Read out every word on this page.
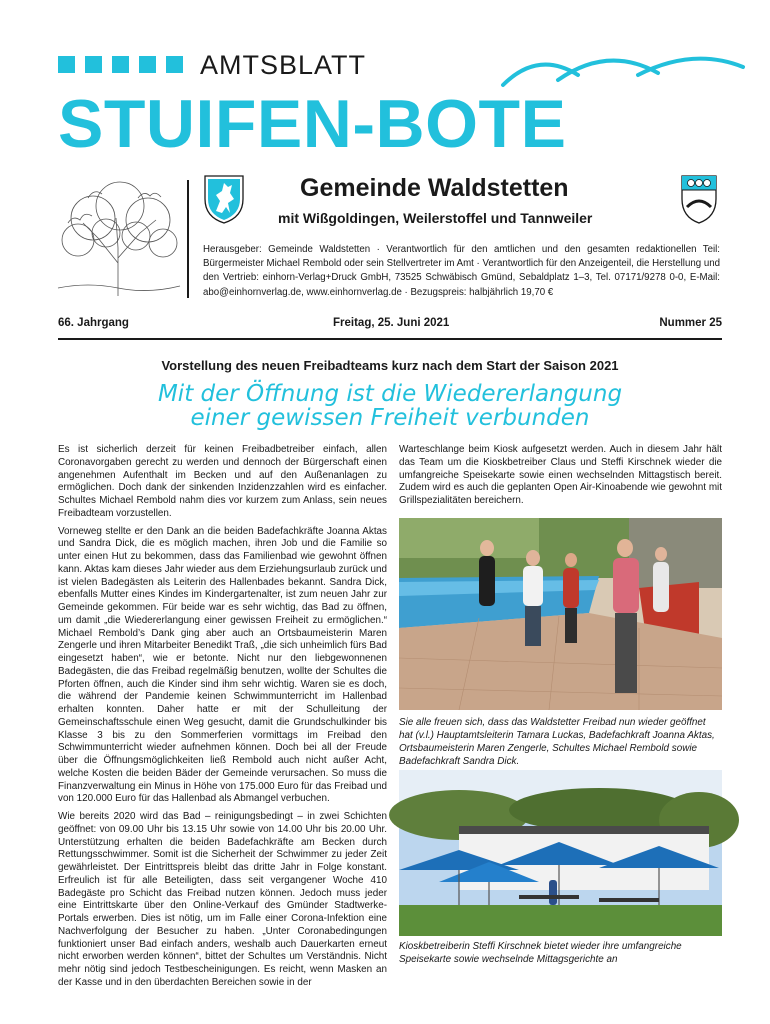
AMTSBLATT
STUIFEN-BOTE
Gemeinde Waldstetten
mit Wißgoldingen, Weilerstoffel und Tannweiler
Herausgeber: Gemeinde Waldstetten · Verantwortlich für den amtlichen und den gesamten redaktionellen Teil: Bürgermeister Michael Rembold oder sein Stellvertreter im Amt · Verantwortlich für den Anzeigenteil, die Herstellung und den Vertrieb: einhorn-Verlag+Druck GmbH, 73525 Schwäbisch Gmünd, Sebaldplatz 1–3, Tel. 07171/9278 0-0, E-Mail: abo@einhornverlag.de, www.einhornverlag.de · Bezugspreis: halbjährlich 19,70 €
66. Jahrgang	Freitag, 25. Juni 2021	Nummer 25
Vorstellung des neuen Freibadteams kurz nach dem Start der Saison 2021
Mit der Öffnung ist die Wiedererlangung
einer gewissen Freiheit verbunden

Es ist sicherlich derzeit für keinen Freibadbetreiber einfach, allen Coronavorgaben gerecht zu werden und dennoch der Bürgerschaft einen angenehmen Aufenthalt im Becken und auf den Außenanlagen zu ermöglichen. Doch dank der sinkenden Inzidenzzahlen wird es einfacher. Schultes Michael Rembold nahm dies vor kurzem zum Anlass, sein neues Freibadteam vorzustellen.

Vorneweg stellte er den Dank an die beiden Badefachkräfte Joanna Aktas und Sandra Dick, die es möglich machen, ihren Job und die Familie so unter einen Hut zu bekommen, dass das Familienbad wie gewohnt öffnen kann. Aktas kam dieses Jahr wieder aus dem Erziehungsurlaub zurück und ist vielen Badegästen als Leiterin des Hallenbades bekannt. Sandra Dick, ebenfalls Mutter eines Kindes im Kindergartenalter, ist zum neuen Jahr zur Gemeinde gekommen. Für beide war es sehr wichtig, das Bad zu öffnen, um damit „die Wiedererlangung einer gewissen Freiheit zu ermöglichen.“ Michael Rembold’s Dank ging aber auch an Ortsbaumeisterin Maren Zengerle und ihren Mitarbeiter Benedikt Traß, „die sich unheimlich fürs Bad eingesetzt haben“, wie er betonte. Nicht nur den liebgewonnenen Badegästen, die das Freibad regelmäßig benutzen, wollte der Schultes die Pforten öffnen, auch die Kinder sind ihm sehr wichtig. Waren sie es doch, die während der Pandemie keinen Schwimmunterricht im Hallenbad erhalten konnten. Daher hatte er mit der Schulleitung der Gemeinschaftsschule einen Weg gesucht, damit die Grundschulkinder bis Klasse 3 bis zu den Sommerferien vormittags im Freibad den Schwimmunterricht wieder aufnehmen können. Doch bei all der Freude über die Öffnungsmöglichkeiten ließ Rembold auch nicht außer Acht, welche Kosten die beiden Bäder der Gemeinde verursachen. So muss die Finanzverwaltung ein Minus in Höhe von 175.000 Euro für das Freibad und von 120.000 Euro für das Hallenbad als Abmangel verbuchen.

Wie bereits 2020 wird das Bad – reinigungsbedingt – in zwei Schichten geöffnet: von 09.00 Uhr bis 13.15 Uhr sowie von 14.00 Uhr bis 20.00 Uhr. Unterstützung erhalten die beiden Badefachkräfte am Becken durch Rettungsschwimmer. Somit ist die Sicherheit der Schwimmer zu jeder Zeit gewährleistet. Der Eintrittspreis bleibt das dritte Jahr in Folge konstant. Erfreulich ist für alle Beteiligten, dass seit vergangener Woche 410 Badegäste pro Schicht das Freibad nutzen können. Jedoch muss jeder eine Eintrittskarte über den Online-Verkauf des Gmünder Stadtwerke-Portals erwerben. Dies ist nötig, um im Falle einer Corona-Infektion eine Nachverfolgung der Besucher zu haben. „Unter Coronabedingungen funktioniert unser Bad einfach anders, weshalb auch Dauerkarten erneut nicht erworben werden können“, bittet der Schultes um Verständnis. Nicht mehr nötig sind jedoch Testbescheinigungen. Es reicht, wenn Masken an der Kasse und in den überdachten Bereichen sowie in der

Warteschlange beim Kiosk aufgesetzt werden. Auch in diesem Jahr hält das Team um die Kioskbetreiber Claus und Steffi Kirschnek wieder die umfangreiche Speisekarte sowie einen wechselnden Mittagstisch bereit. Zudem wird es auch die geplanten Open Air-Kinoabende wie gewohnt mit Grillspezialitäten bereichern.

Sie alle freuen sich, dass das Waldstetter Freibad nun wieder geöffnet hat (v.l.) Hauptamtsleiterin Tamara Luckas, Badefachkraft Joanna Aktas, Ortsbaumeisterin Maren Zengerle, Schultes Michael Rembold sowie Badefachkraft Sandra Dick.
Kioskbetreiberin Steffi Kirschnek bietet wieder ihre umfangreiche Speisekarte sowie wechselnde Mittagsgerichte an
